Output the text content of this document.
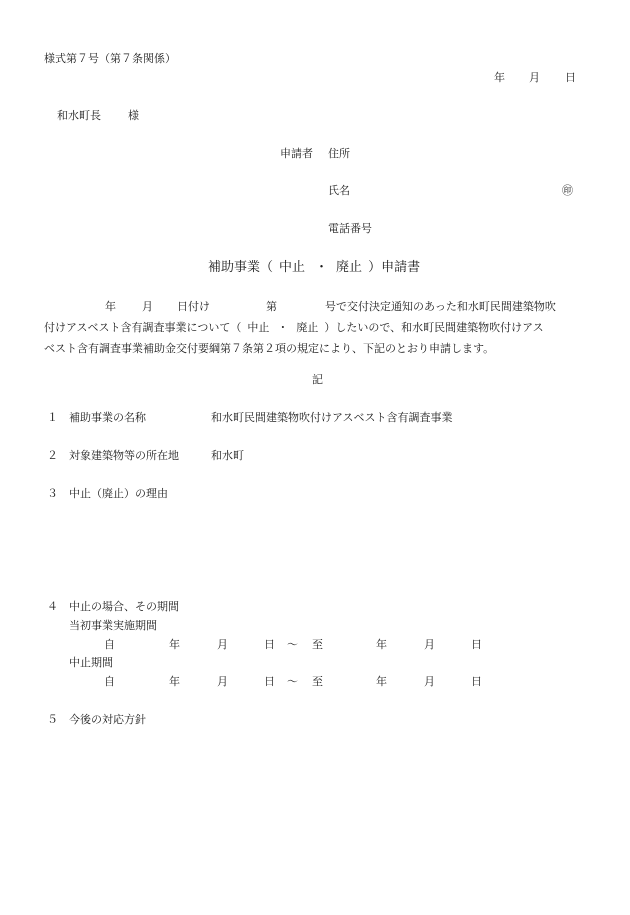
様式第７号（第７条関係）
年 月 日
和水町長 様
申請者 住所
氏名	㊞
電話番号
補助事業（ 中止 ・ 廃止 ）申請書
年 月 日付け	第	号で交付決定通知のあった和水町民間建築物吹
付けアスベスト含有調査事業について（ 中止 ・ 廃止 ）したいので、和水町民間建築物吹付けアス
ベスト含有調査事業補助金交付要綱第７条第２項の規定により、下記のとおり申請します。
記
１ 補助事業の名称	和水町民間建築物吹付けアスベスト含有調査事業
２ 対象建築物等の所在地	和水町
３ 中止（廃止）の理由
４ 中止の場合、その期間
当初事業実施期間
自	年	月	日 ～ 至	年	月	日
中止期間
自	年	月	日 ～ 至	年	月	日
５ 今後の対応方針
